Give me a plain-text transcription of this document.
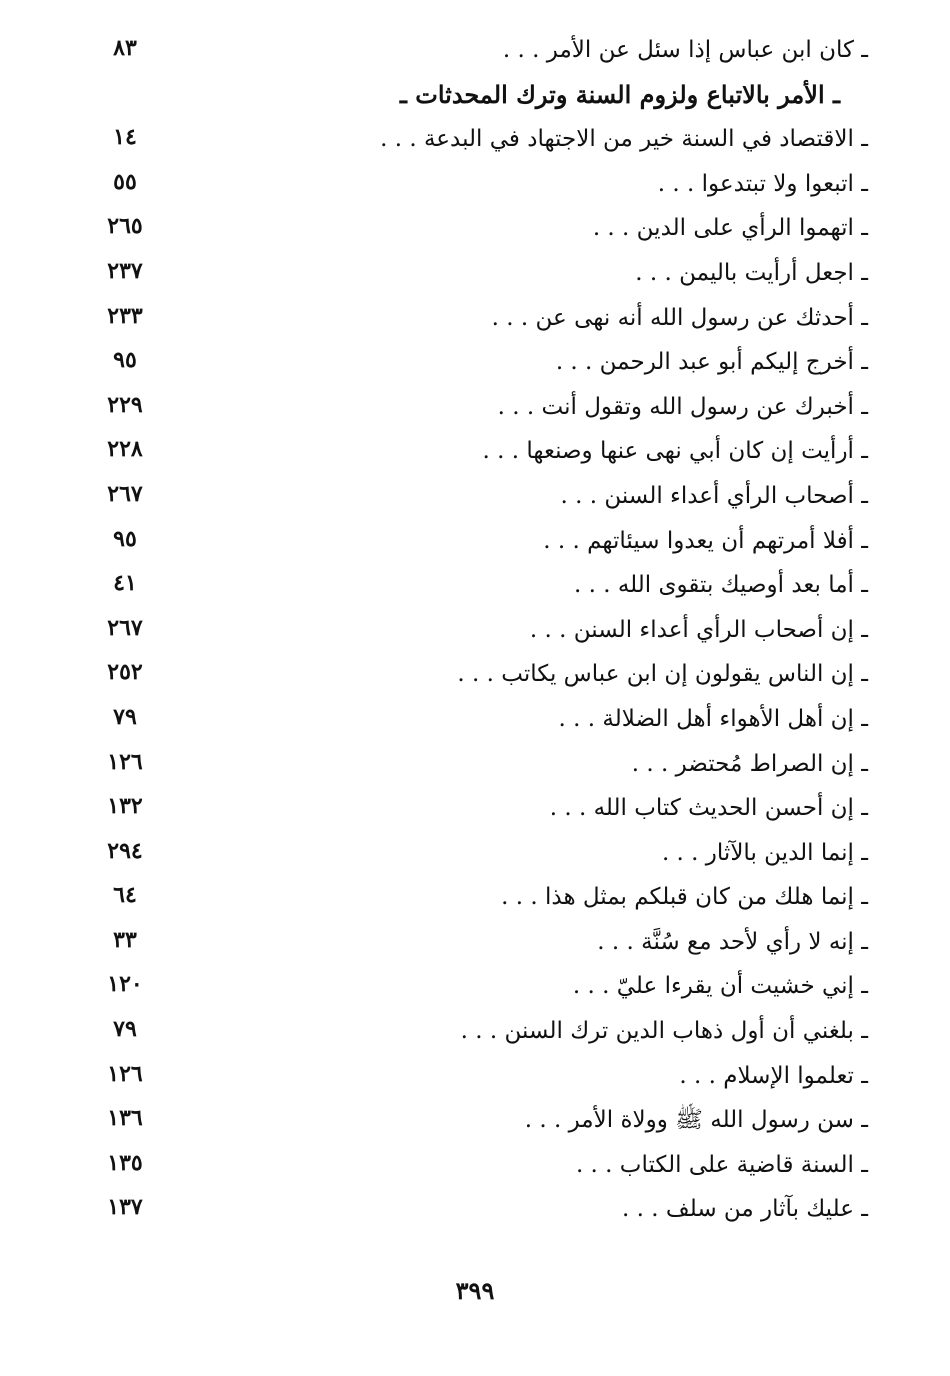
ـ كان ابن عباس إذا سئل عن الأمر . . .
٨٣
ـ الأمر بالاتباع ولزوم السنة وترك المحدثات ـ
ـ الاقتصاد في السنة خير من الاجتهاد في البدعة . . .
١٤
ـ اتبعوا ولا تبتدعوا . . .
٥٥
ـ اتهموا الرأي على الدين . . .
٢٦٥
ـ اجعل أرأيت باليمن . . .
٢٣٧
ـ أحدثك عن رسول الله أنه نهى عن . . .
٢٣٣
ـ أخرج إليكم أبو عبد الرحمن . . .
٩٥
ـ أخبرك عن رسول الله وتقول أنت . . .
٢٢٩
ـ أرأيت إن كان أبي نهى عنها وصنعها . . .
٢٢٨
ـ أصحاب الرأي أعداء السنن . . .
٢٦٧
ـ أفلا أمرتهم أن يعدوا سيئاتهم . . .
٩٥
ـ أما بعد أوصيك بتقوى الله . . .
٤١
ـ إن أصحاب الرأي أعداء السنن . . .
٢٦٧
ـ إن الناس يقولون إن ابن عباس يكاتب . . .
٢٥٢
ـ إن أهل الأهواء أهل الضلالة . . .
٧٩
ـ إن الصراط مُحتضر . . .
١٢٦
ـ إن أحسن الحديث كتاب الله . . .
١٣٢
ـ إنما الدين بالآثار . . .
٢٩٤
ـ إنما هلك من كان قبلكم بمثل هذا . . .
٦٤
ـ إنه لا رأي لأحد مع سُنَّة . . .
٣٣
ـ إني خشيت أن يقرءا عليّ . . .
١٢٠
ـ بلغني أن أول ذهاب الدين ترك السنن . . .
٧٩
ـ تعلموا الإسلام . . .
١٢٦
ـ سن رسول الله ﷺ وولاة الأمر . . .
١٣٦
ـ السنة قاضية على الكتاب . . .
١٣٥
ـ عليك بآثار من سلف . . .
١٣٧
٣٩٩
